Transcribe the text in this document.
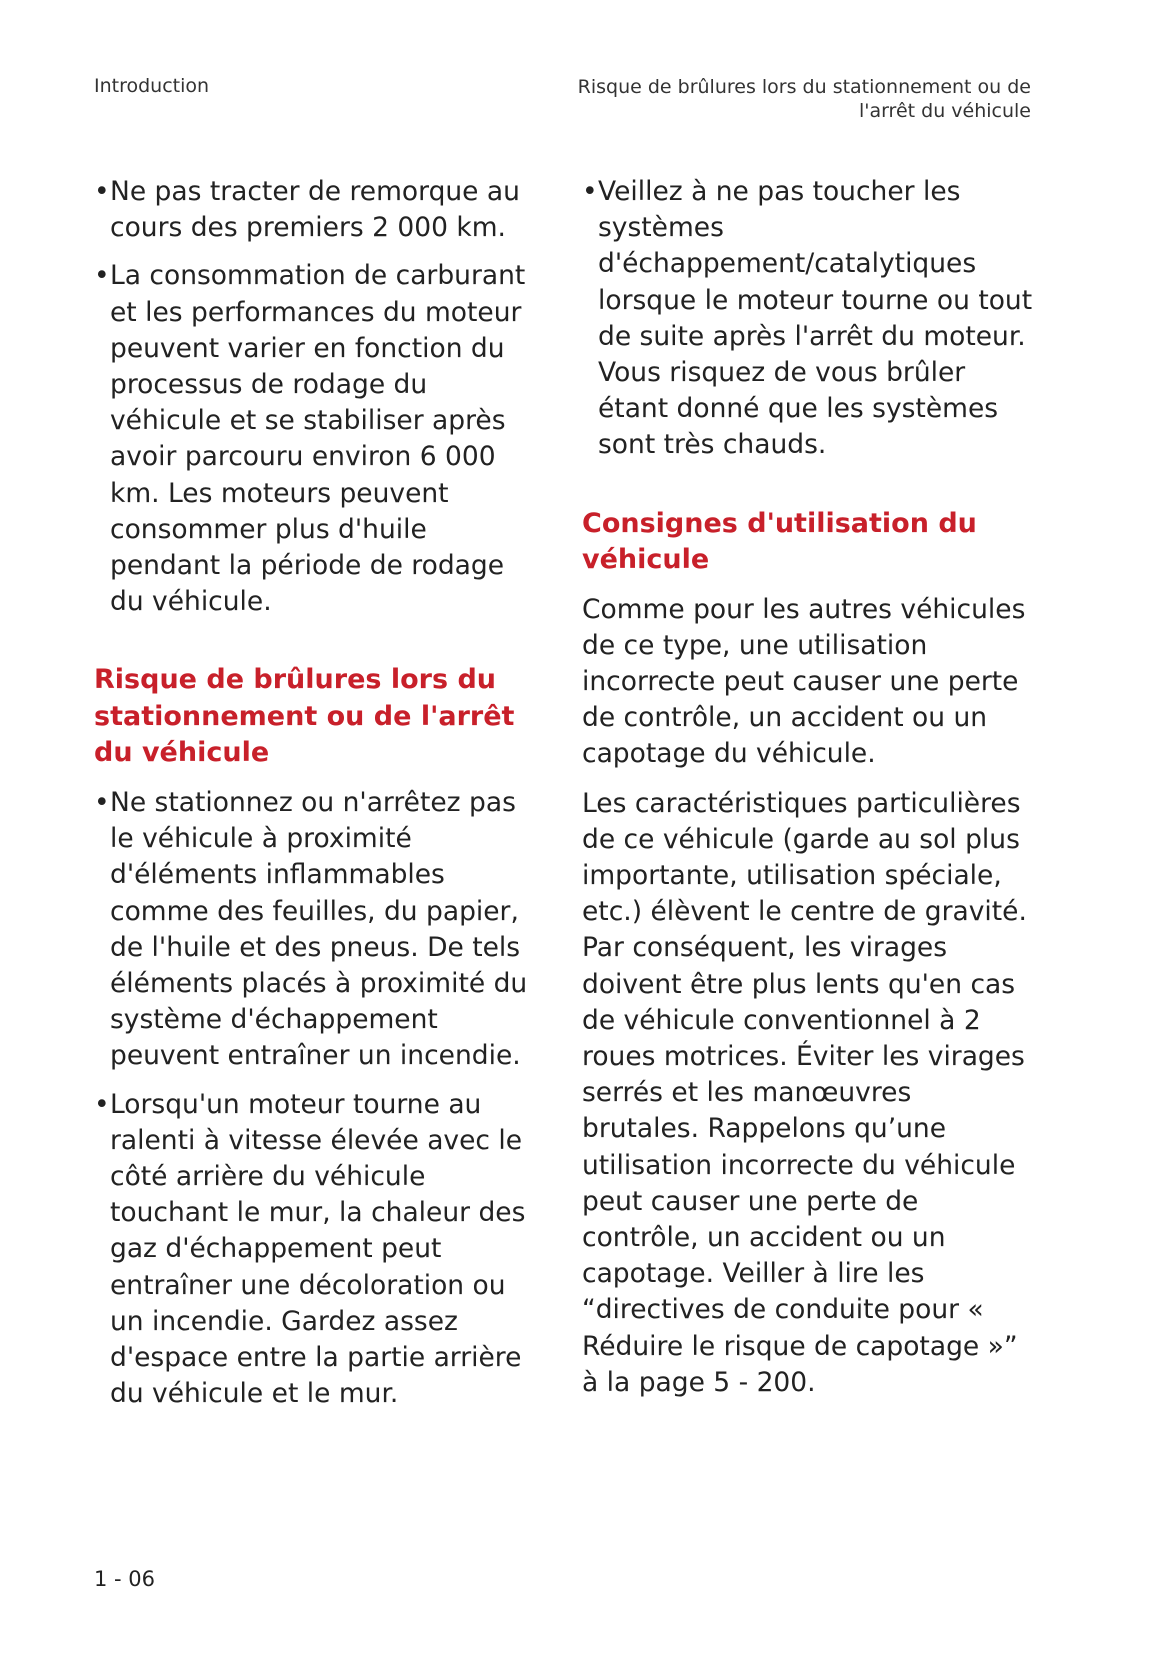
Introduction	Risque de brûlures lors du stationnement ou de
l'arrêt du véhicule
• Ne pas tracter de remorque au cours des premiers 2 000 km.
• La consommation de carburant et les performances du moteur peuvent varier en fonction du processus de rodage du véhicule et se stabiliser après avoir parcouru environ 6 000 km. Les moteurs peuvent consommer plus d'huile pendant la période de rodage du véhicule.
Risque de brûlures lors du stationnement ou de l'arrêt du véhicule
• Ne stationnez ou n'arrêtez pas le véhicule à proximité d'éléments inflammables comme des feuilles, du papier, de l'huile et des pneus. De tels éléments placés à proximité du système d'échappement peuvent entraîner un incendie.
• Lorsqu'un moteur tourne au ralenti à vitesse élevée avec le côté arrière du véhicule touchant le mur, la chaleur des gaz d'échappement peut entraîner une décoloration ou un incendie. Gardez assez d'espace entre la partie arrière du véhicule et le mur.
• Veillez à ne pas toucher les systèmes d'échappement/catalytiques lorsque le moteur tourne ou tout de suite après l'arrêt du moteur. Vous risquez de vous brûler étant donné que les systèmes sont très chauds.
Consignes d'utilisation du véhicule

Comme pour les autres véhicules de ce type, une utilisation incorrecte peut causer une perte de contrôle, un accident ou un capotage du véhicule.

Les caractéristiques particulières de ce véhicule (garde au sol plus importante, utilisation spéciale, etc.) élèvent le centre de gravité. Par conséquent, les virages doivent être plus lents qu'en cas de véhicule conventionnel à 2 roues motrices. Éviter les virages serrés et les manœuvres brutales. Rappelons qu’une utilisation incorrecte du véhicule peut causer une perte de contrôle, un accident ou un capotage. Veiller à lire les “directives de conduite pour « Réduire le risque de capotage »” à la page 5 - 200.

1 - 06
